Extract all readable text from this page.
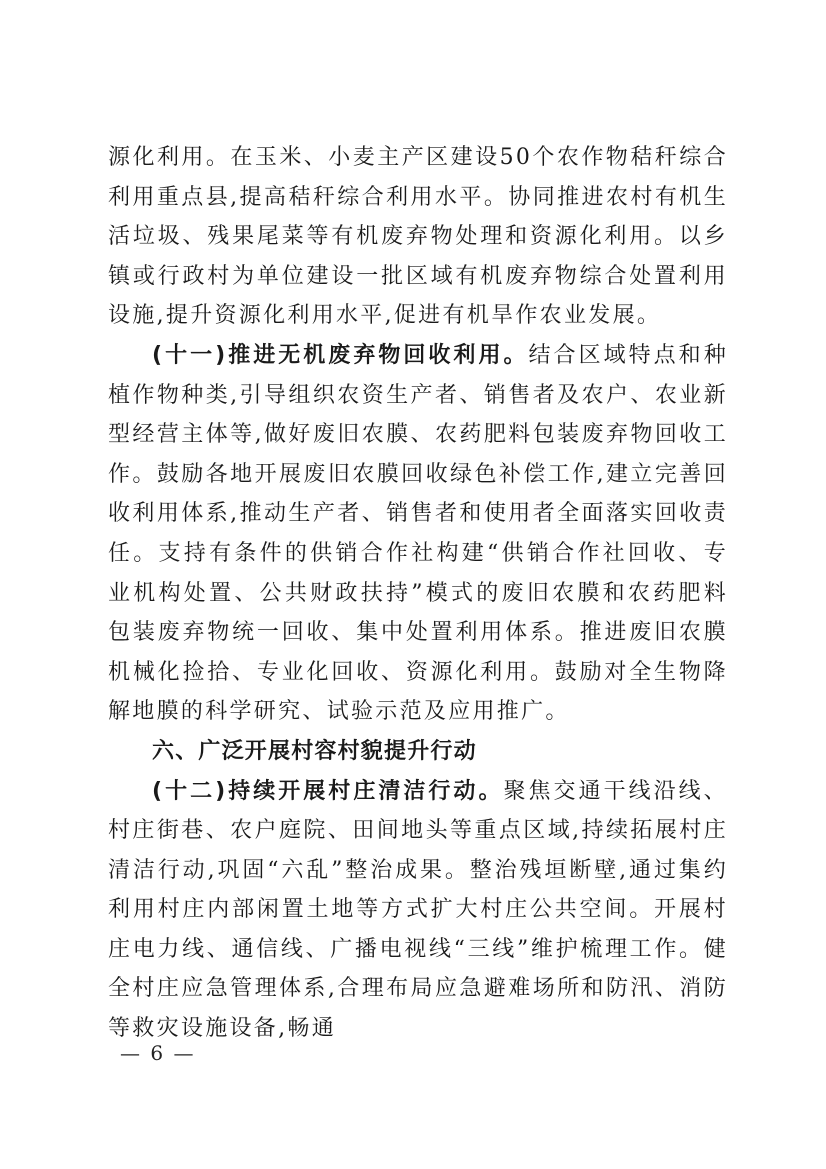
源化利用。在玉米、小麦主产区建设50个农作物秸秆综合利用重点县,提高秸秆综合利用水平。协同推进农村有机生活垃圾、残果尾菜等有机废弃物处理和资源化利用。以乡镇或行政村为单位建设一批区域有机废弃物综合处置利用设施,提升资源化利用水平,促进有机旱作农业发展。

(十一)推进无机废弃物回收利用。结合区域特点和种植作物种类,引导组织农资生产者、销售者及农户、农业新型经营主体等,做好废旧农膜、农药肥料包装废弃物回收工作。鼓励各地开展废旧农膜回收绿色补偿工作,建立完善回收利用体系,推动生产者、销售者和使用者全面落实回收责任。支持有条件的供销合作社构建“供销合作社回收、专业机构处置、公共财政扶持”模式的废旧农膜和农药肥料包装废弃物统一回收、集中处置利用体系。推进废旧农膜机械化捡拾、专业化回收、资源化利用。鼓励对全生物降解地膜的科学研究、试验示范及应用推广。

六、广泛开展村容村貌提升行动

(十二)持续开展村庄清洁行动。聚焦交通干线沿线、村庄街巷、农户庭院、田间地头等重点区域,持续拓展村庄清洁行动,巩固“六乱”整治成果。整治残垣断壁,通过集约利用村庄内部闲置土地等方式扩大村庄公共空间。开展村庄电力线、通信线、广播电视线“三线”维护梳理工作。健全村庄应急管理体系,合理布局应急避难场所和防汛、消防等救灾设施设备,畅通

— 6 —
